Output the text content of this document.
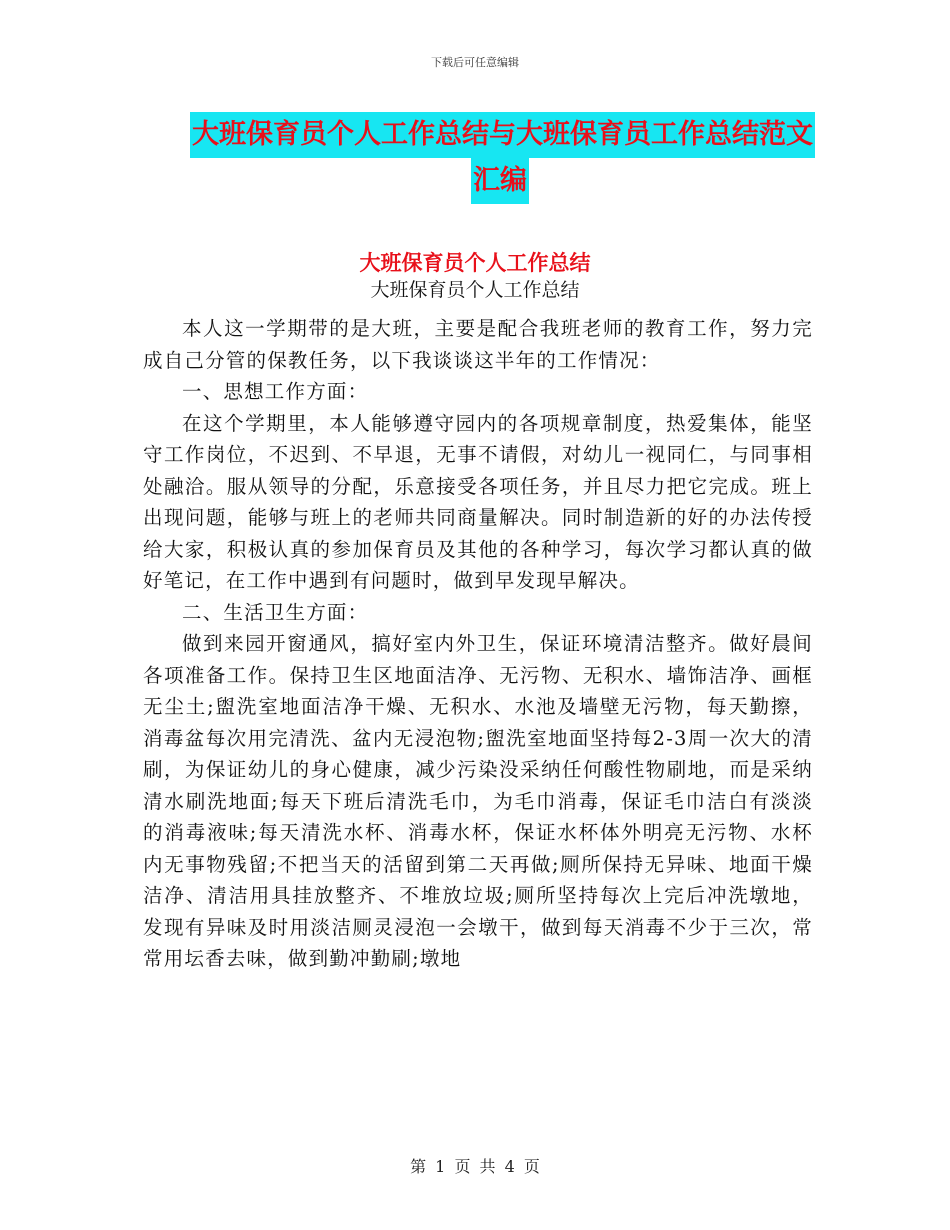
下载后可任意编辑
大班保育员个人工作总结与大班保育员工作总结范文
汇编
大班保育员个人工作总结
大班保育员个人工作总结

本人这一学期带的是大班，主要是配合我班老师的教育工作，努力完成自己分管的保教任务，以下我谈谈这半年的工作情况：

一、思想工作方面：

在这个学期里，本人能够遵守园内的各项规章制度，热爱集体，能坚守工作岗位，不迟到、不早退，无事不请假，对幼儿一视同仁，与同事相处融洽。服从领导的分配，乐意接受各项任务，并且尽力把它完成。班上出现问题，能够与班上的老师共同商量解决。同时制造新的好的办法传授给大家，积极认真的参加保育员及其他的各种学习，每次学习都认真的做好笔记，在工作中遇到有问题时，做到早发现早解决。

二、生活卫生方面：

做到来园开窗通风，搞好室内外卫生，保证环境清洁整齐。做好晨间各项准备工作。保持卫生区地面洁净、无污物、无积水、墙饰洁净、画框无尘土;盥洗室地面洁净干燥、无积水、水池及墙壁无污物，每天勤擦，消毒盆每次用完清洗、盆内无浸泡物;盥洗室地面坚持每2-3周一次大的清刷，为保证幼儿的身心健康，减少污染没采纳任何酸性物刷地，而是采纳清水刷洗地面;每天下班后清洗毛巾，为毛巾消毒，保证毛巾洁白有淡淡的消毒液味;每天清洗水杯、消毒水杯，保证水杯体外明亮无污物、水杯内无事物残留;不把当天的活留到第二天再做;厕所保持无异味、地面干燥洁净、清洁用具挂放整齐、不堆放垃圾;厕所坚持每次上完后冲洗墩地，发现有异味及时用淡洁厕灵浸泡一会墩干，做到每天消毒不少于三次，常常用坛香去味，做到勤冲勤刷;墩地

第 1 页 共 4 页
